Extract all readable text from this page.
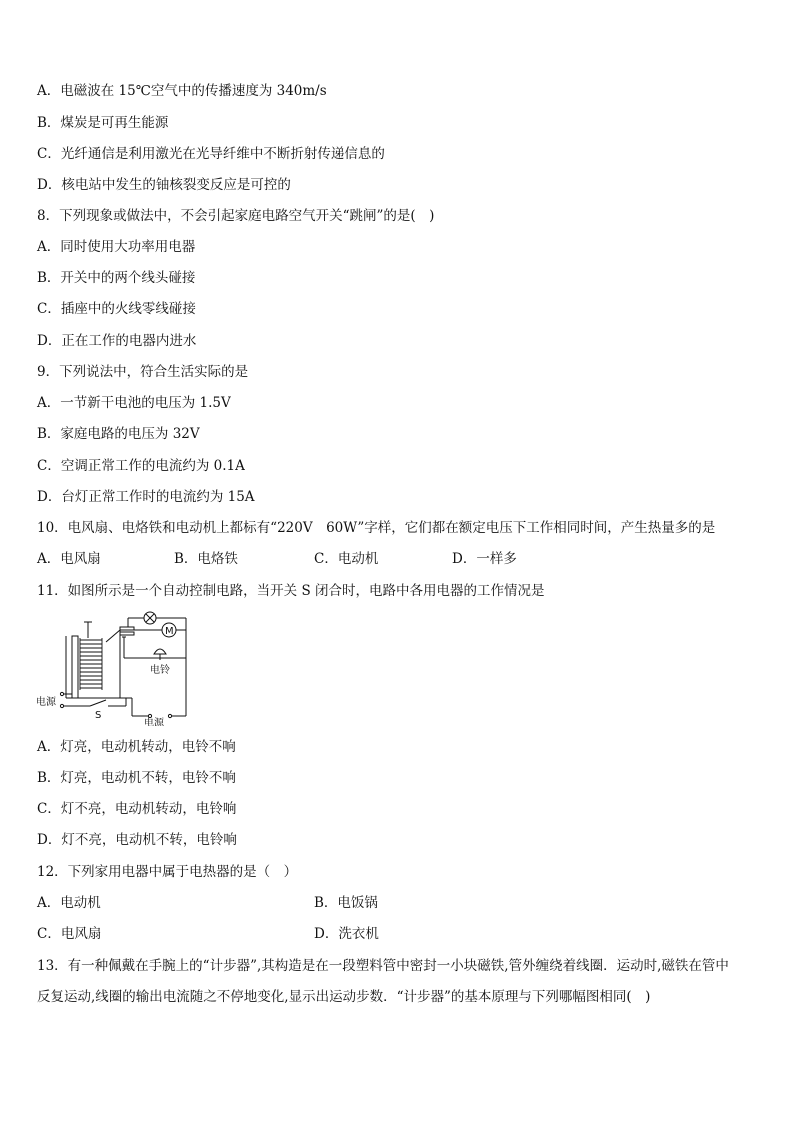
A．电磁波在 15℃空气中的传播速度为 340m/s
B．煤炭是可再生能源
C．光纤通信是利用激光在光导纤维中不断折射传递信息的
D．核电站中发生的铀核裂变反应是可控的
8．下列现象或做法中，不会引起家庭电路空气开关“跳闸”的是(　)
A．同时使用大功率用电器
B．开关中的两个线头碰接
C．插座中的火线零线碰接
D．正在工作的电器内进水
9．下列说法中，符合生活实际的是
A．一节新干电池的电压为 1.5V
B．家庭电路的电压为 32V
C．空调正常工作的电流约为 0.1A
D．台灯正常工作时的电流约为 15A
10．电风扇、电烙铁和电动机上都标有“220V　60W”字样，它们都在额定电压下工作相同时间，产生热量多的是
A．电风扇	B．电烙铁	C．电动机	D．一样多
11．如图所示是一个自动控制电路，当开关 S 闭合时，电路中各用电器的工作情况是
M
电铃
电源
S
电源
A．灯亮，电动机转动，电铃不响
B．灯亮，电动机不转，电铃不响
C．灯不亮，电动机转动，电铃响
D．灯不亮，电动机不转，电铃响
12．下列家用电器中属于电热器的是（　）
A．电动机	B．电饭锅
C．电风扇	D．洗衣机
13．有一种佩戴在手腕上的“计步器”,其构造是在一段塑料管中密封一小块磁铁,管外缠绕着线圈．运动时,磁铁在管中
反复运动,线圈的输出电流随之不停地变化,显示出运动步数．“计步器”的基本原理与下列哪幅图相同(　)
